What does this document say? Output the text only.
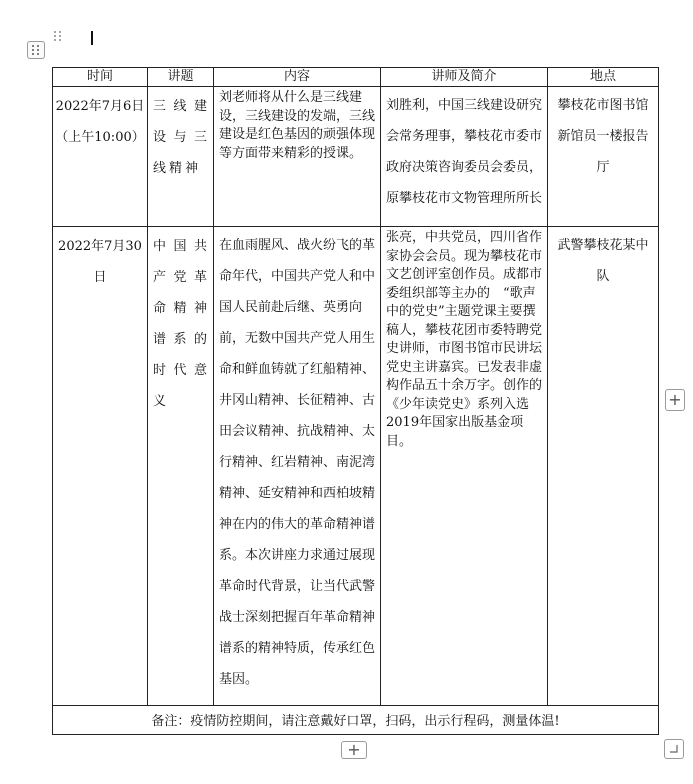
时间	讲题	内容	讲师及简介	地点
2022年7月6日（上午10:00）	三线建设与三线精神	刘老师将从什么是三线建设，三线建设的发端，三线建设是红色基因的顽强体现等方面带来精彩的授课。	刘胜利，中国三线建设研究会常务理事，攀枝花市委市政府决策咨询委员会委员，原攀枝花市文物管理所所长	攀枝花市图书馆新馆员一楼报告厅
2022年7月30日	中国共产党革命精神谱系的时代意义	在血雨腥风、战火纷飞的革命年代，中国共产党人和中国人民前赴后继、英勇向前，无数中国共产党人用生命和鲜血铸就了红船精神、井冈山精神、长征精神、古田会议精神、抗战精神、太行精神、红岩精神、南泥湾精神、延安精神和西柏坡精神在内的伟大的革命精神谱系。本次讲座力求通过展现革命时代背景，让当代武警战士深刻把握百年革命精神谱系的精神特质，传承红色基因。	张亮，中共党员，四川省作家协会会员。现为攀枝花市文艺创评室创作员。成都市委组织部等主办的　“歌声中的党史”主题党课主要撰稿人，攀枝花团市委特聘党史讲师，市图书馆市民讲坛党史主讲嘉宾。已发表非虚构作品五十余万字。创作的《少年读党史》系列入选2019年国家出版基金项目。	武警攀枝花某中队
备注：疫情防控期间，请注意戴好口罩，扫码，出示行程码，测量体温!				
+
+
